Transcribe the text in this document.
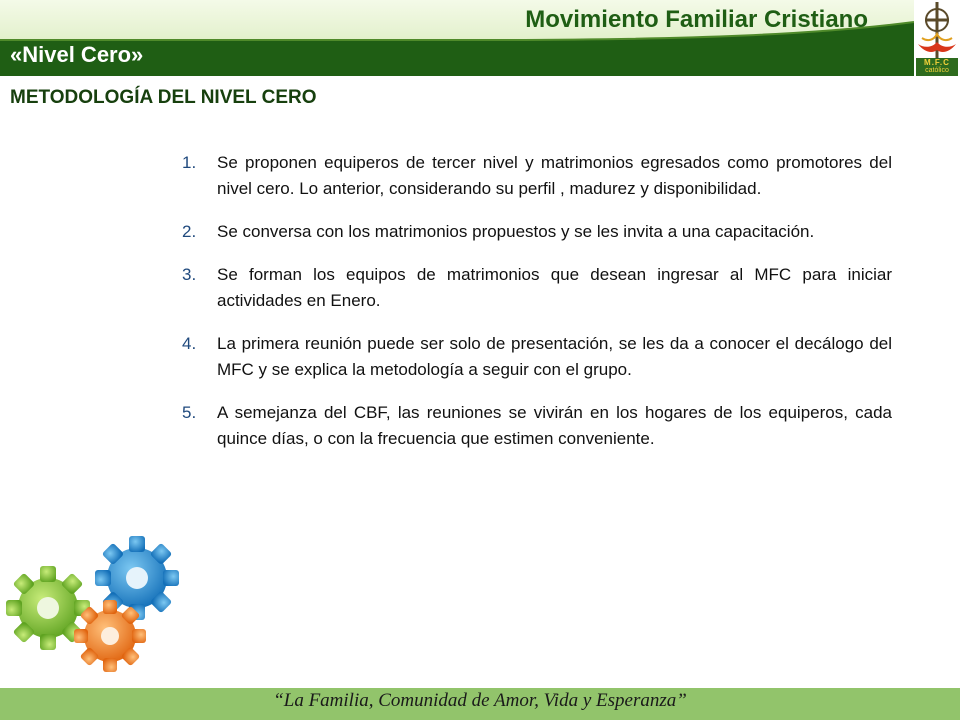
Movimiento Familiar Cristiano
«Nivel Cero»	M.F.C
católico
METODOLOGÍA DEL NIVEL CERO
1. Se proponen equiperos de tercer nivel y matrimonios egresados como promotores del nivel cero. Lo anterior, considerando su perfil , madurez y disponibilidad.
2. Se conversa con los matrimonios propuestos y se les invita a una capacitación.
3. Se forman los equipos de matrimonios que desean ingresar al MFC para iniciar actividades en Enero.
4. La primera reunión puede ser solo de presentación, se les da a conocer el decálogo del MFC y se explica la metodología a seguir con el grupo.
5. A semejanza del CBF, las reuniones se vivirán en los hogares de los equiperos, cada quince días, o con la frecuencia que estimen conveniente.
“La Familia, Comunidad de Amor, Vida y Esperanza”
